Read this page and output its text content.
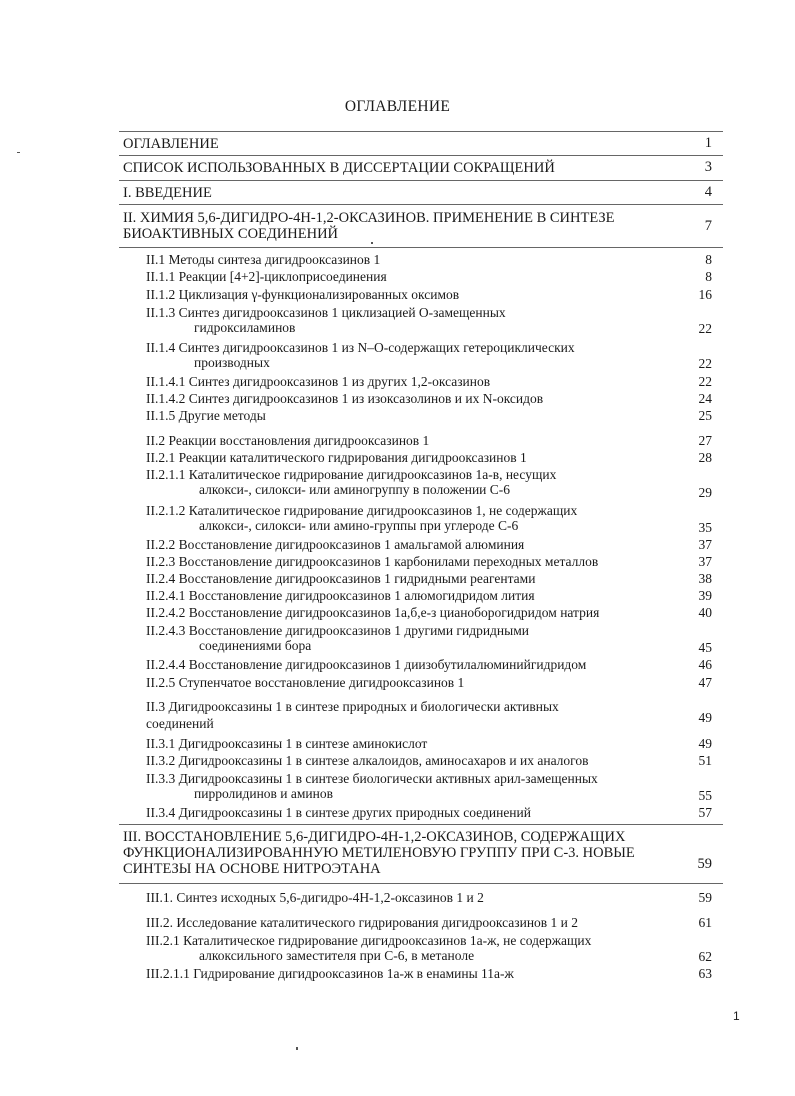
ОГЛАВЛЕНИЕ
ОГЛАВЛЕНИЕ	1
СПИСОК ИСПОЛЬЗОВАННЫХ В ДИССЕРТАЦИИ СОКРАЩЕНИЙ	3
I. ВВЕДЕНИЕ	4
II. ХИМИЯ 5,6-ДИГИДРО-4H-1,2-ОКСАЗИНОВ. ПРИМЕНЕНИЕ В СИНТЕЗЕ
БИОАКТИВНЫХ СОЕДИНЕНИЙ	7
II.1 Методы синтеза дигидрооксазинов 1	8
II.1.1 Реакции [4+2]-циклоприсоединения	8
II.1.2 Циклизация γ-функционализированных оксимов	16
II.1.3 Синтез дигидрооксазинов 1 циклизацией О-замещенных
гидроксиламинов	22
II.1.4 Синтез дигидрооксазинов 1 из N–O-содержащих гетероциклических
производных	22
II.1.4.1 Синтез дигидрооксазинов 1 из других 1,2-оксазинов	22
II.1.4.2 Синтез дигидрооксазинов 1 из изоксазолинов и их N-оксидов	24
II.1.5 Другие методы	25
II.2 Реакции восстановления дигидрооксазинов 1	27
II.2.1 Реакции каталитического гидрирования дигидрооксазинов 1	28
II.2.1.1 Каталитическое гидрирование дигидрооксазинов 1а-в, несущих
алкокси-, силокси- или аминогруппу в положении С-6	29
II.2.1.2 Каталитическое гидрирование дигидрооксазинов 1, не содержащих
алкокси-, силокси- или амино-группы при углероде С-6	35
II.2.2 Восстановление дигидрооксазинов 1 амальгамой алюминия	37
II.2.3 Восстановление дигидрооксазинов 1 карбонилами переходных металлов	37
II.2.4 Восстановление дигидрооксазинов 1 гидридными реагентами	38
II.2.4.1 Восстановление дигидрооксазинов 1 алюмогидридом лития	39
II.2.4.2 Восстановление дигидрооксазинов 1а,б,е-з цианоборогидридом натрия	40
II.2.4.3 Восстановление дигидрооксазинов 1 другими гидридными
соединениями бора	45
II.2.4.4 Восстановление дигидрооксазинов 1 диизобутилалюминийгидридом	46
II.2.5 Ступенчатое восстановление дигидрооксазинов 1	47
II.3 Дигидрооксазины 1 в синтезе природных и биологически активных
соединений	49
II.3.1 Дигидрооксазины 1 в синтезе аминокислот	49
II.3.2 Дигидрооксазины 1 в синтезе алкалоидов, аминосахаров и их аналогов	51
II.3.3 Дигидрооксазины 1 в синтезе биологически активных арил-замещенных
пирролидинов и аминов	55
II.3.4 Дигидрооксазины 1 в синтезе других природных соединений	57
III. ВОССТАНОВЛЕНИЕ 5,6-ДИГИДРО-4H-1,2-ОКСАЗИНОВ, СОДЕРЖАЩИХ
ФУНКЦИОНАЛИЗИРОВАННУЮ МЕТИЛЕНОВУЮ ГРУППУ ПРИ С-3. НОВЫЕ
СИНТЕЗЫ НА ОСНОВЕ НИТРОЭТАНА	59
III.1. Синтез исходных 5,6-дигидро-4H-1,2-оксазинов 1 и 2	59
III.2. Исследование каталитического гидрирования дигидрооксазинов 1 и 2	61
III.2.1 Каталитическое гидрирование дигидрооксазинов 1а-ж, не содержащих
алкоксильного заместителя при С-6, в метаноле	62
III.2.1.1 Гидрирование дигидрооксазинов 1а-ж в енамины 11а-ж	63
1
